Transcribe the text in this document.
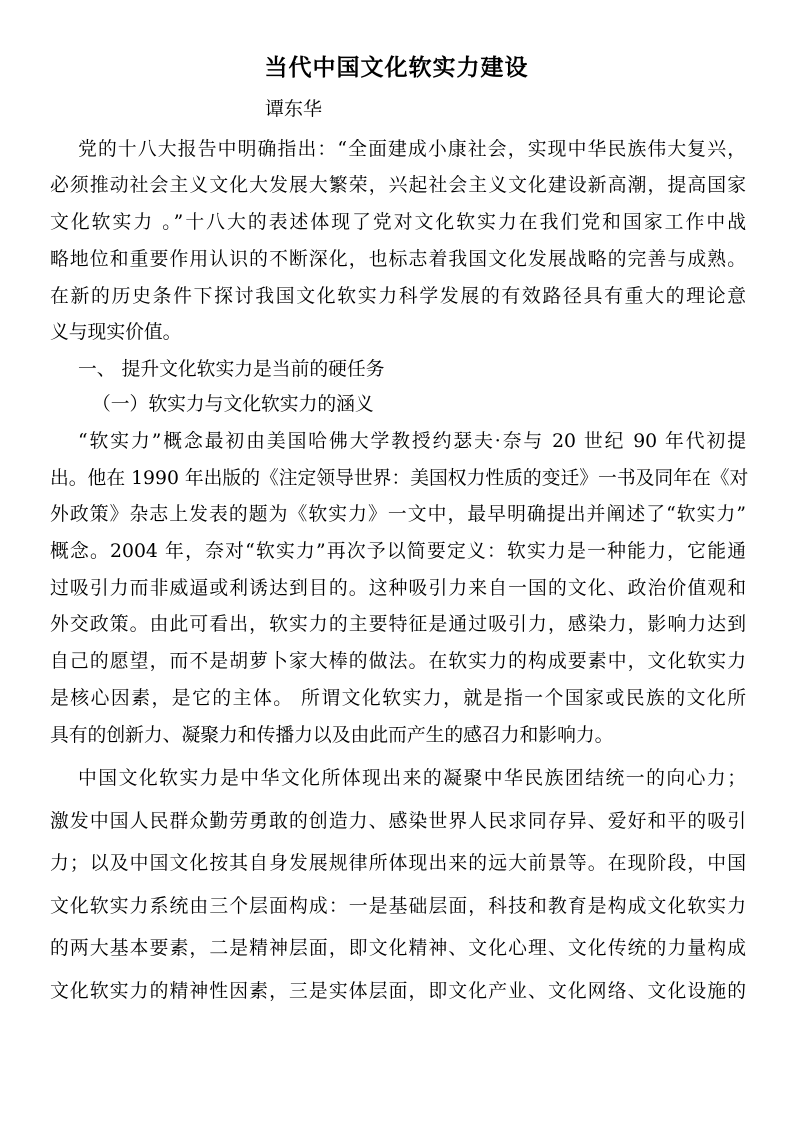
当代中国文化软实力建设
谭东华
党的十八大报告中明确指出：“全面建成小康社会，实现中华民族伟大复兴，
必须推动社会主义文化大发展大繁荣，兴起社会主义文化建设新高潮，提高国家
文化软实力 。”十八大的表述体现了党对文化软实力在我们党和国家工作中战
略地位和重要作用认识的不断深化，也标志着我国文化发展战略的完善与成熟。
在新的历史条件下探讨我国文化软实力科学发展的有效路径具有重大的理论意
义与现实价值。
一、 提升文化软实力是当前的硬任务
（一）软实力与文化软实力的涵义
“软实力”概念最初由美国哈佛大学教授约瑟夫·奈与 20 世纪 90 年代初提
出。他在 1990 年出版的《注定领导世界：美国权力性质的变迁》一书及同年在《对
外政策》杂志上发表的题为《软实力》一文中，最早明确提出并阐述了“软实力”
概念。2004 年，奈对“软实力”再次予以简要定义：软实力是一种能力，它能通
过吸引力而非威逼或利诱达到目的。这种吸引力来自一国的文化、政治价值观和
外交政策。由此可看出，软实力的主要特征是通过吸引力，感染力，影响力达到
自己的愿望，而不是胡萝卜家大棒的做法。在软实力的构成要素中，文化软实力
是核心因素，是它的主体。 所谓文化软实力，就是指一个国家或民族的文化所
具有的创新力、凝聚力和传播力以及由此而产生的感召力和影响力。
中国文化软实力是中华文化所体现出来的凝聚中华民族团结统一的向心力；
激发中国人民群众勤劳勇敢的创造力、感染世界人民求同存异、爱好和平的吸引
力；以及中国文化按其自身发展规律所体现出来的远大前景等。在现阶段，中国
文化软实力系统由三个层面构成：一是基础层面，科技和教育是构成文化软实力
的两大基本要素，二是精神层面，即文化精神、文化心理、文化传统的力量构成
文化软实力的精神性因素，三是实体层面，即文化产业、文化网络、文化设施的
